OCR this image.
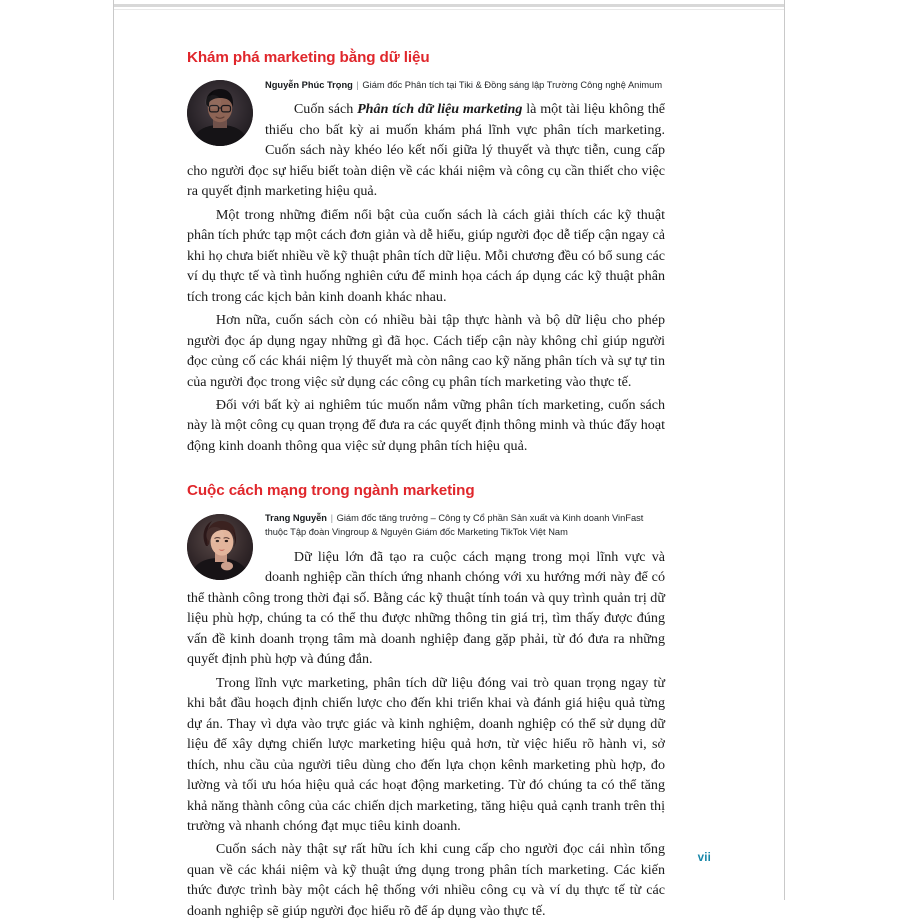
Khám phá marketing bằng dữ liệu

Nguyễn Phúc Trọng | Giám đốc Phân tích tại Tiki & Đồng sáng lập Trường Công nghệ Animum

Cuốn sách Phân tích dữ liệu marketing là một tài liệu không thể thiếu cho bất kỳ ai muốn khám phá lĩnh vực phân tích marketing. Cuốn sách này khéo léo kết nối giữa lý thuyết và thực tiễn, cung cấp cho người đọc sự hiểu biết toàn diện về các khái niệm và công cụ cần thiết cho việc ra quyết định marketing hiệu quả.

Một trong những điểm nổi bật của cuốn sách là cách giải thích các kỹ thuật phân tích phức tạp một cách đơn giản và dễ hiểu, giúp người đọc dễ tiếp cận ngay cả khi họ chưa biết nhiều về kỹ thuật phân tích dữ liệu. Mỗi chương đều có bổ sung các ví dụ thực tế và tình huống nghiên cứu để minh họa cách áp dụng các kỹ thuật phân tích trong các kịch bản kinh doanh khác nhau.

Hơn nữa, cuốn sách còn có nhiều bài tập thực hành và bộ dữ liệu cho phép người đọc áp dụng ngay những gì đã học. Cách tiếp cận này không chỉ giúp người đọc củng cố các khái niệm lý thuyết mà còn nâng cao kỹ năng phân tích và sự tự tin của người đọc trong việc sử dụng các công cụ phân tích marketing vào thực tế.

Đối với bất kỳ ai nghiêm túc muốn nắm vững phân tích marketing, cuốn sách này là một công cụ quan trọng để đưa ra các quyết định thông minh và thúc đẩy hoạt động kinh doanh thông qua việc sử dụng phân tích hiệu quả.

Cuộc cách mạng trong ngành marketing

Trang Nguyễn | Giám đốc tăng trưởng – Công ty Cổ phần Sản xuất và Kinh doanh VinFast thuộc Tập đoàn Vingroup & Nguyên Giám đốc Marketing TikTok Việt Nam

Dữ liệu lớn đã tạo ra cuộc cách mạng trong mọi lĩnh vực và doanh nghiệp cần thích ứng nhanh chóng với xu hướng mới này để có thể thành công trong thời đại số. Bằng các kỹ thuật tính toán và quy trình quản trị dữ liệu phù hợp, chúng ta có thể thu được những thông tin giá trị, tìm thấy được đúng vấn đề kinh doanh trọng tâm mà doanh nghiệp đang gặp phải, từ đó đưa ra những quyết định phù hợp và đúng đắn.

Trong lĩnh vực marketing, phân tích dữ liệu đóng vai trò quan trọng ngay từ khi bắt đầu hoạch định chiến lược cho đến khi triển khai và đánh giá hiệu quả từng dự án. Thay vì dựa vào trực giác và kinh nghiệm, doanh nghiệp có thể sử dụng dữ liệu để xây dựng chiến lược marketing hiệu quả hơn, từ việc hiểu rõ hành vi, sở thích, nhu cầu của người tiêu dùng cho đến lựa chọn kênh marketing phù hợp, đo lường và tối ưu hóa hiệu quả các hoạt động marketing. Từ đó chúng ta có thể tăng khả năng thành công của các chiến dịch marketing, tăng hiệu quả cạnh tranh trên thị trường và nhanh chóng đạt mục tiêu kinh doanh.

Cuốn sách này thật sự rất hữu ích khi cung cấp cho người đọc cái nhìn tổng quan về các khái niệm và kỹ thuật ứng dụng trong phân tích marketing. Các kiến thức được trình bày một cách hệ thống với nhiều công cụ và ví dụ thực tế từ các doanh nghiệp sẽ giúp người đọc hiểu rõ để áp dụng vào thực tế.

vii
